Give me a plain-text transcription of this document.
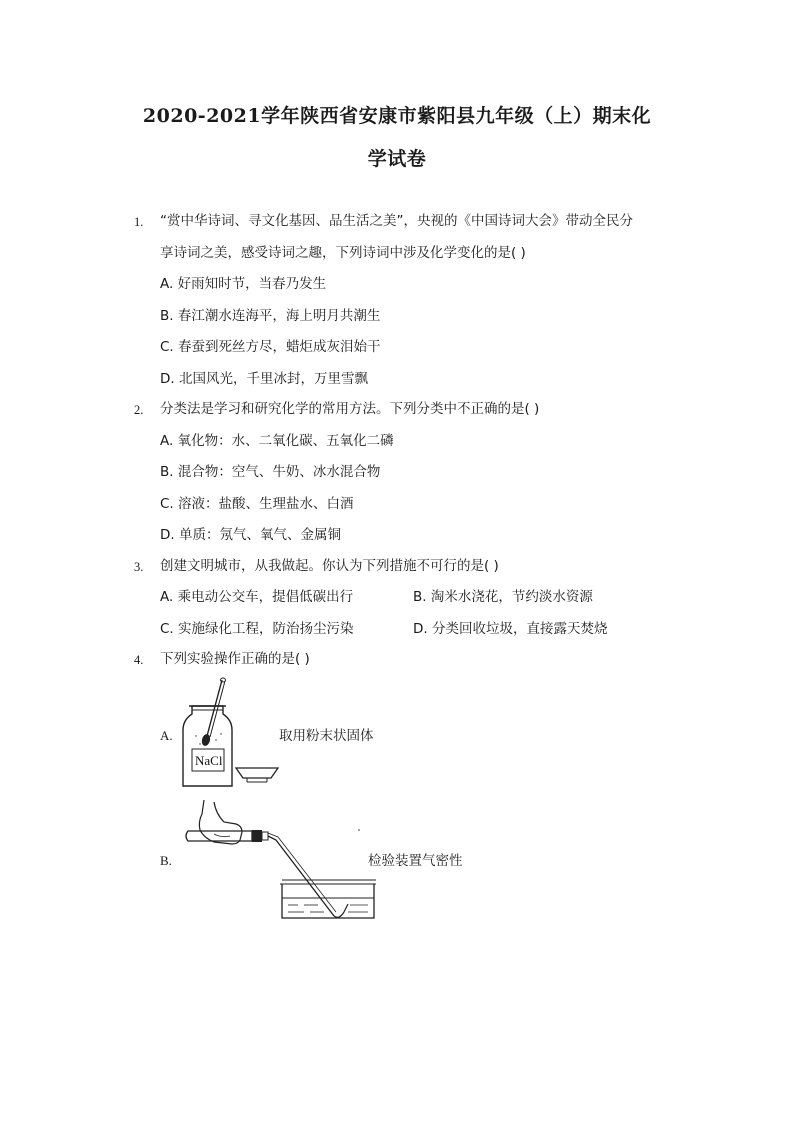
2020-2021学年陕西省安康市紫阳县九年级（上）期末化
学试卷
1. “赏中华诗词、寻文化基因、品生活之美”，央视的《中国诗词大会》带动全民分
享诗词之美，感受诗词之趣，下列诗词中涉及化学变化的是( )
A. 好雨知时节，当春乃发生
B. 春江潮水连海平，海上明月共潮生
C. 春蚕到死丝方尽，蜡炬成灰泪始干
D. 北国风光，千里冰封，万里雪飘
2. 分类法是学习和研究化学的常用方法。下列分类中不正确的是( )
A. 氧化物：水、二氧化碳、五氧化二磷
B. 混合物：空气、牛奶、冰水混合物
C. 溶液：盐酸、生理盐水、白酒
D. 单质：氖气、氧气、金属铜
3. 创建文明城市，从我做起。你认为下列措施不可行的是( )
A. 乘电动公交车，提倡低碳出行	B. 淘米水浇花，节约淡水资源
C. 实施绿化工程，防治扬尘污染	D. 分类回收垃圾，直接露天焚烧
4. 下列实验操作正确的是( )
A.
NaCl
取用粉末状固体
B.	检验装置气密性
